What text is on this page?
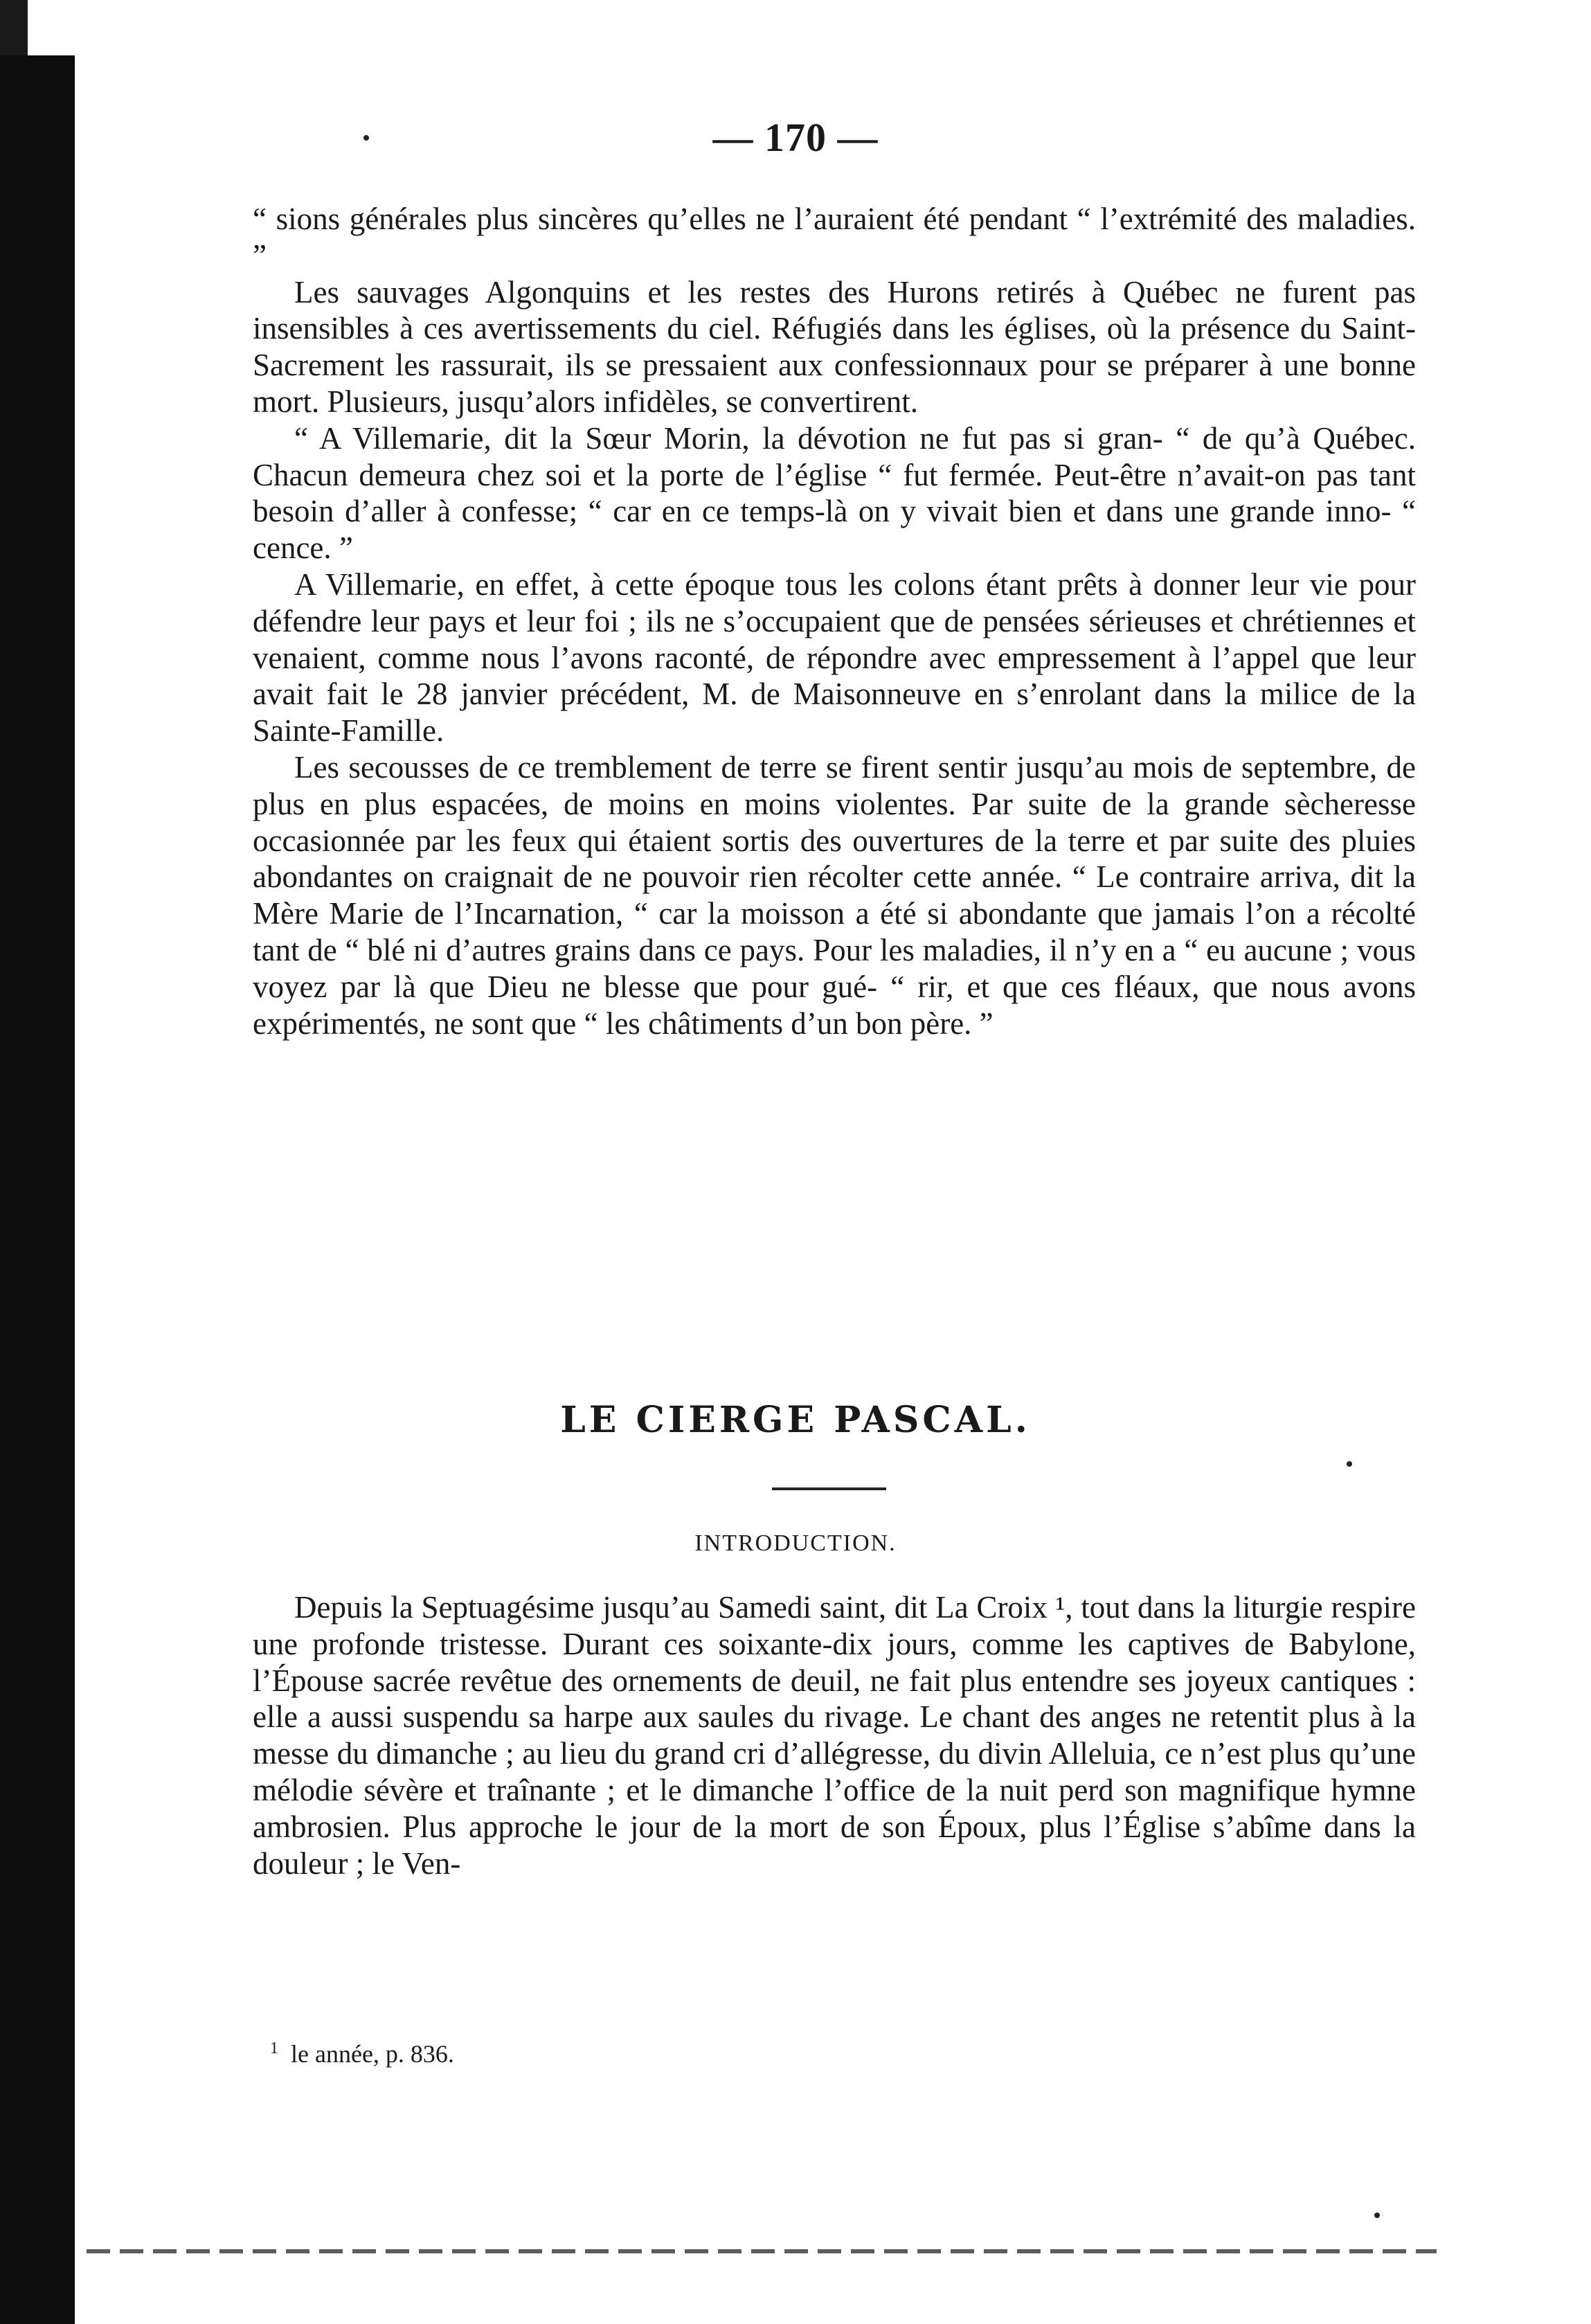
— 170 —

“ sions générales plus sincères qu’elles ne l’auraient été pendant “ l’extrémité des maladies. ”

Les sauvages Algonquins et les restes des Hurons retirés à Québec ne furent pas insensibles à ces avertissements du ciel. Réfugiés dans les églises, où la présence du Saint-Sacrement les rassurait, ils se pressaient aux confessionnaux pour se préparer à une bonne mort. Plusieurs, jusqu’alors infidèles, se convertirent.

“ A Villemarie, dit la Sœur Morin, la dévotion ne fut pas si gran- “ de qu’à Québec. Chacun demeura chez soi et la porte de l’église “ fut fermée. Peut-être n’avait-on pas tant besoin d’aller à confesse; “ car en ce temps-là on y vivait bien et dans une grande inno- “ cence. ”

A Villemarie, en effet, à cette époque tous les colons étant prêts à donner leur vie pour défendre leur pays et leur foi ; ils ne s’occupaient que de pensées sérieuses et chrétiennes et venaient, comme nous l’avons raconté, de répondre avec empressement à l’appel que leur avait fait le 28 janvier précédent, M. de Maisonneuve en s’enrolant dans la milice de la Sainte-Famille.

Les secousses de ce tremblement de terre se firent sentir jusqu’au mois de septembre, de plus en plus espacées, de moins en moins violentes. Par suite de la grande sècheresse occasionnée par les feux qui étaient sortis des ouvertures de la terre et par suite des pluies abondantes on craignait de ne pouvoir rien récolter cette année. “ Le contraire arriva, dit la Mère Marie de l’Incarnation, “ car la moisson a été si abondante que jamais l’on a récolté tant de “ blé ni d’autres grains dans ce pays. Pour les maladies, il n’y en a “ eu aucune ; vous voyez par là que Dieu ne blesse que pour gué- “ rir, et que ces fléaux, que nous avons expérimentés, ne sont que “ les châtiments d’un bon père. ”

LE CIERGE PASCAL.
INTRODUCTION.

Depuis la Septuagésime jusqu’au Samedi saint, dit La Croix ¹, tout dans la liturgie respire une profonde tristesse. Durant ces soixante-dix jours, comme les captives de Babylone, l’Épouse sacrée revêtue des ornements de deuil, ne fait plus entendre ses joyeux cantiques : elle a aussi suspendu sa harpe aux saules du rivage. Le chant des anges ne retentit plus à la messe du dimanche ; au lieu du grand cri d’allégresse, du divin Alleluia, ce n’est plus qu’une mélodie sévère et traînante ; et le dimanche l’office de la nuit perd son magnifique hymne ambrosien. Plus approche le jour de la mort de son Époux, plus l’Église s’abîme dans la douleur ; le Ven-

$^1$ le année, p. 836.
